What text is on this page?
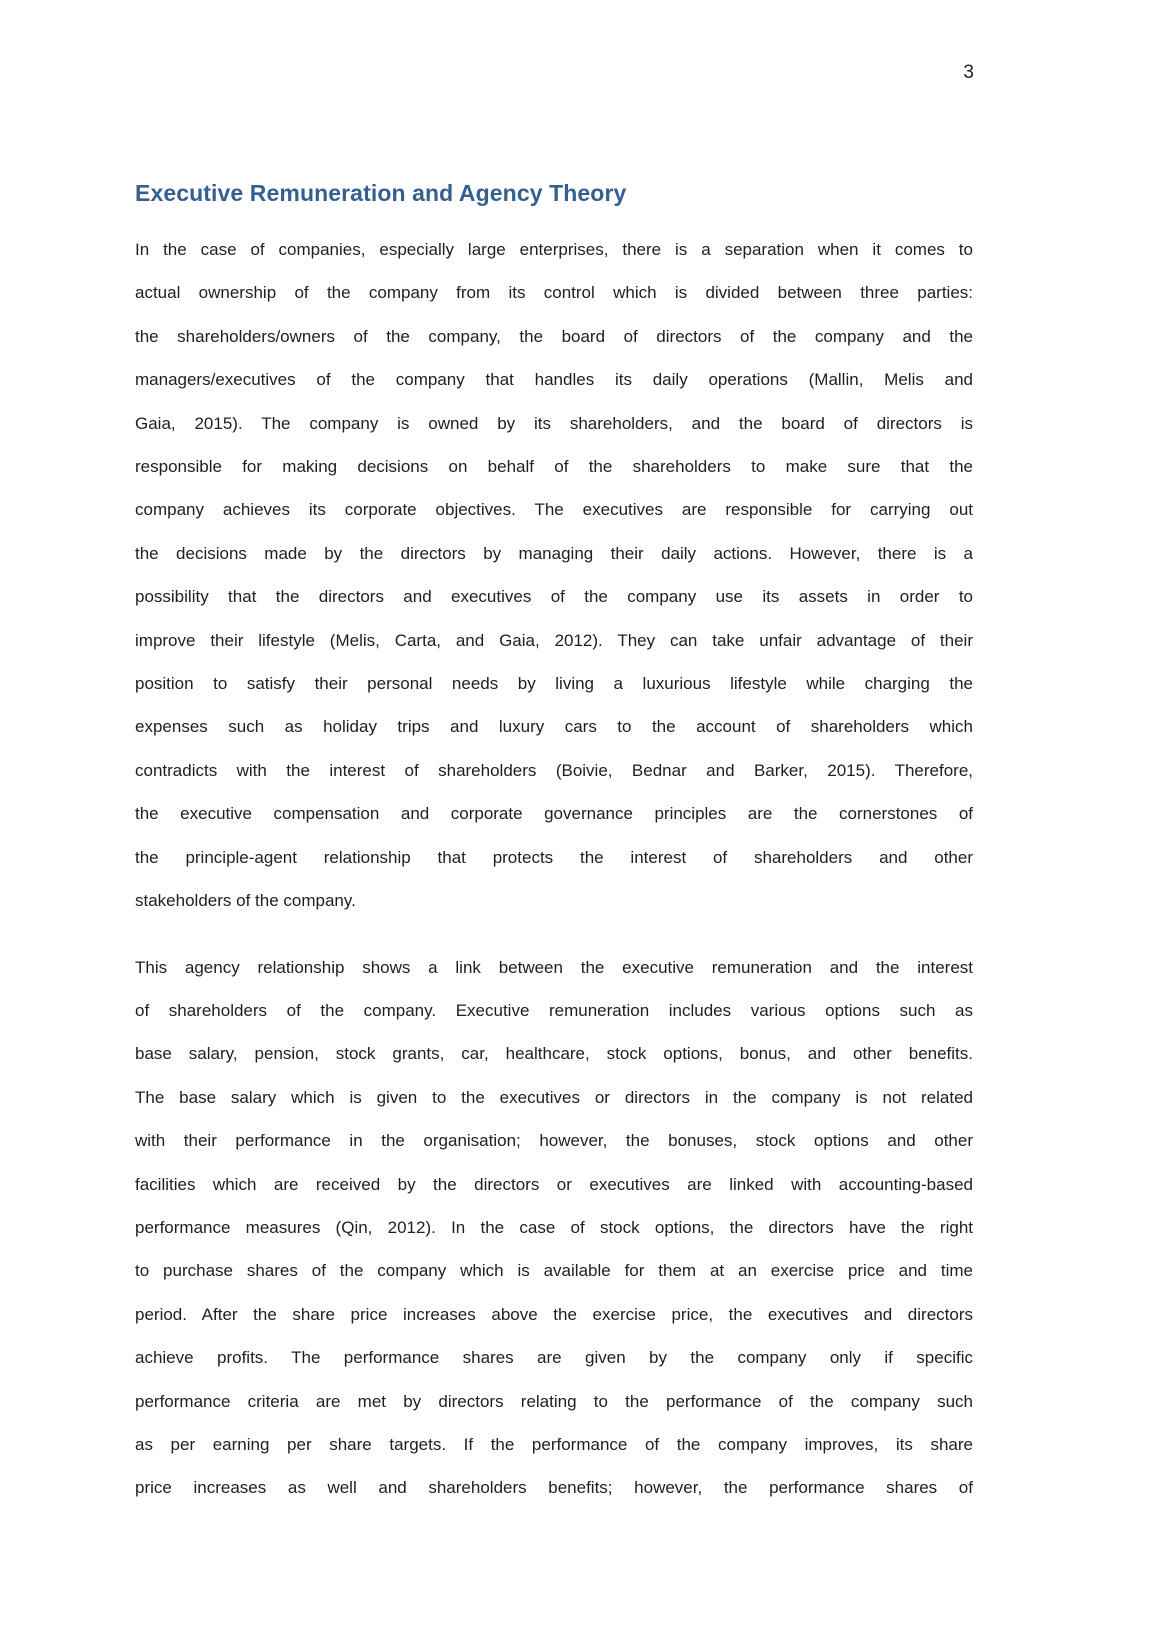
3
Executive Remuneration and Agency Theory
In the case of companies, especially large enterprises, there is a separation when it comes to
actual ownership of the company from its control which is divided between three parties:
the shareholders/owners of the company, the board of directors of the company and the
managers/executives of the company that handles its daily operations (Mallin, Melis and
Gaia, 2015). The company is owned by its shareholders, and the board of directors is
responsible for making decisions on behalf of the shareholders to make sure that the
company achieves its corporate objectives. The executives are responsible for carrying out
the decisions made by the directors by managing their daily actions. However, there is a
possibility that the directors and executives of the company use its assets in order to
improve their lifestyle (Melis, Carta, and Gaia, 2012). They can take unfair advantage of their
position to satisfy their personal needs by living a luxurious lifestyle while charging the
expenses such as holiday trips and luxury cars to the account of shareholders which
contradicts with the interest of shareholders (Boivie, Bednar and Barker, 2015). Therefore,
the executive compensation and corporate governance principles are the cornerstones of
the principle-agent relationship that protects the interest of shareholders and other
stakeholders of the company.
This agency relationship shows a link between the executive remuneration and the interest
of shareholders of the company. Executive remuneration includes various options such as
base salary, pension, stock grants, car, healthcare, stock options, bonus, and other benefits.
The base salary which is given to the executives or directors in the company is not related
with their performance in the organisation; however, the bonuses, stock options and other
facilities which are received by the directors or executives are linked with accounting-based
performance measures (Qin, 2012). In the case of stock options, the directors have the right
to purchase shares of the company which is available for them at an exercise price and time
period. After the share price increases above the exercise price, the executives and directors
achieve profits. The performance shares are given by the company only if specific
performance criteria are met by directors relating to the performance of the company such
as per earning per share targets. If the performance of the company improves, its share
price increases as well and shareholders benefits; however, the performance shares of
